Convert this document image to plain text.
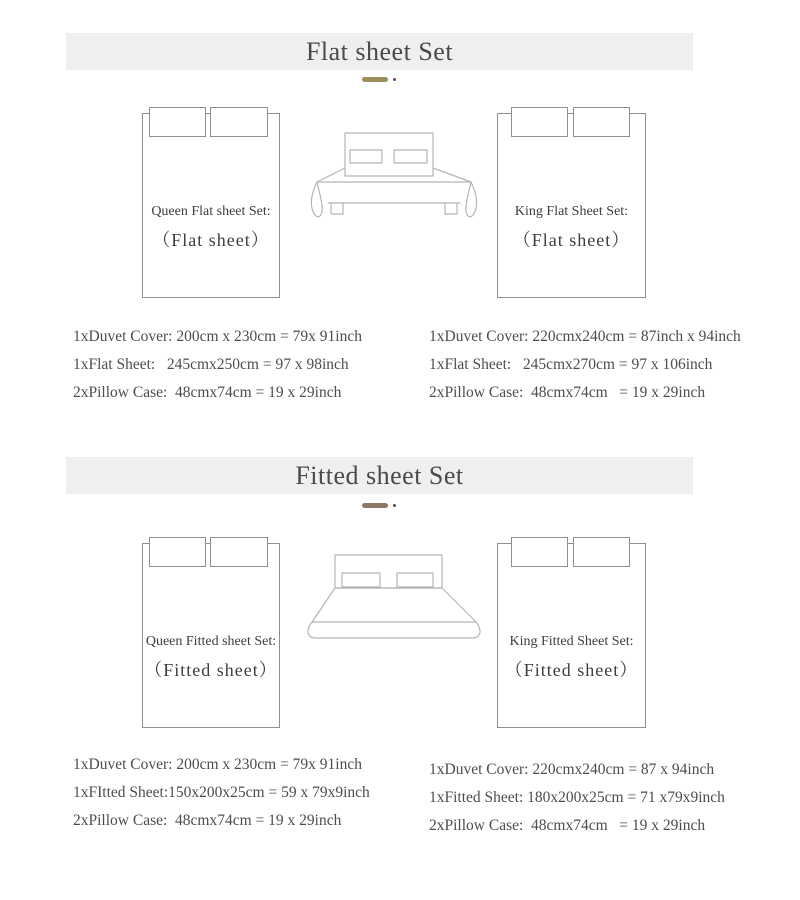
Flat sheet Set
Queen Flat sheet Set:
（Flat sheet）
King Flat Sheet Set:
（Flat sheet）
1xDuvet Cover: 200cm x 230cm = 79x 91inch
1xFlat Sheet:   245cmx250cm = 97 x 98inch
2xPillow Case:  48cmx74cm = 19 x 29inch
1xDuvet Cover: 220cmx240cm = 87inch x 94inch
1xFlat Sheet:   245cmx270cm = 97 x 106inch
2xPillow Case:  48cmx74cm   = 19 x 29inch
Fitted sheet Set
Queen Fitted sheet Set:
（Fitted sheet）
King Fitted Sheet Set:
（Fitted sheet）
1xDuvet Cover: 200cm x 230cm = 79x 91inch
1xFItted Sheet:150x200x25cm = 59 x 79x9inch
2xPillow Case:  48cmx74cm = 19 x 29inch
1xDuvet Cover: 220cmx240cm = 87 x 94inch
1xFitted Sheet: 180x200x25cm = 71 x79x9inch
2xPillow Case:  48cmx74cm   = 19 x 29inch
